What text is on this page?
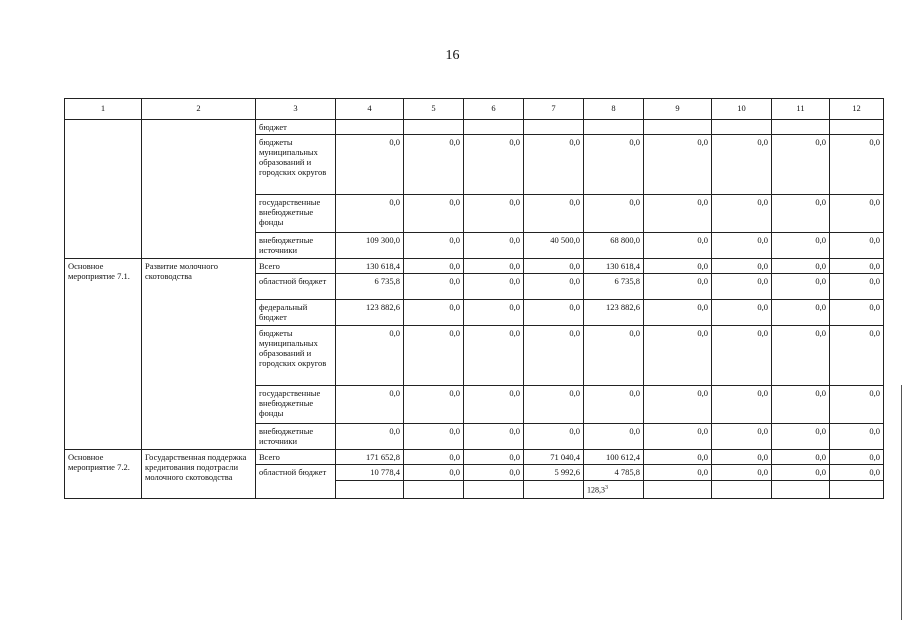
16
1	2	3	4	5	6	7	8	9	10	11	12
		бюджет									
		бюджеты муниципальных образований и городских округов	0,0	0,0	0,0	0,0	0,0	0,0	0,0	0,0	0,0
		государственные внебюджетные фонды	0,0	0,0	0,0	0,0	0,0	0,0	0,0	0,0	0,0
		внебюджетные источники	109 300,0	0,0	0,0	40 500,0	68 800,0	0,0	0,0	0,0	0,0
Основное мероприятие 7.1.	Развитие молочного скотоводства	Всего	130 618,4	0,0	0,0	0,0	130 618,4	0,0	0,0	0,0	0,0
		областной бюджет	6 735,8	0,0	0,0	0,0	6 735,8	0,0	0,0	0,0	0,0
		федеральный бюджет	123 882,6	0,0	0,0	0,0	123 882,6	0,0	0,0	0,0	0,0
		бюджеты муниципальных образований и городских округов	0,0	0,0	0,0	0,0	0,0	0,0	0,0	0,0	0,0
		государственные внебюджетные фонды	0,0	0,0	0,0	0,0	0,0	0,0	0,0	0,0	0,0
		внебюджетные источники	0,0	0,0	0,0	0,0	0,0	0,0	0,0	0,0	0,0
Основное мероприятие 7.2.	Государственная поддержка кредитования подотрасли молочного скотоводства	Всего	171 652,8	0,0	0,0	71 040,4	100 612,4	0,0	0,0	0,0	0,0
		областной бюджет	10 778,4	0,0	0,0	5 992,6	4 785,8	0,0	0,0	0,0	0,0
							128,3$^3$				
